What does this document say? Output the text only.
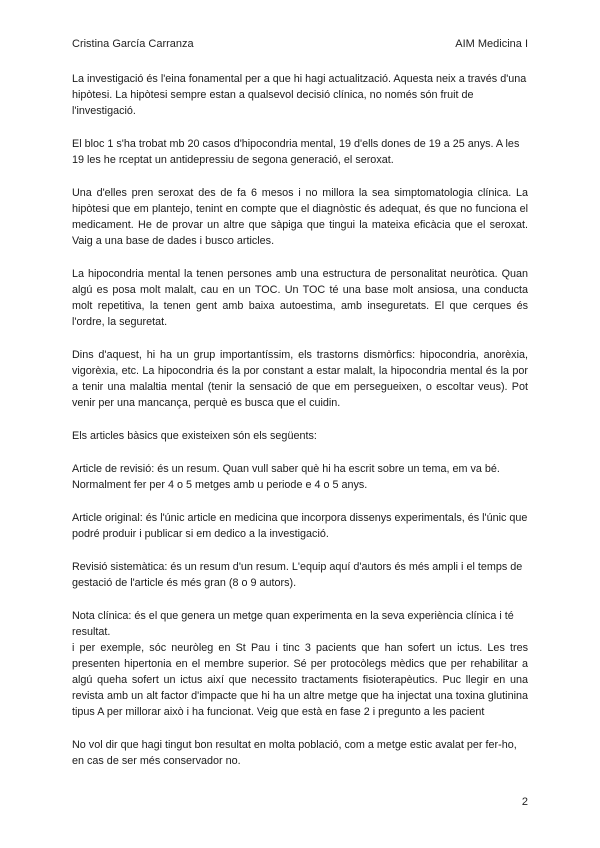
Cristina García Carranza	AIM Medicina I

La investigació és l'eina fonamental per a que hi hagi actualització. Aquesta neix a través d'una hipòtesi. La hipòtesi sempre estan a qualsevol decisió clínica, no només són fruit de l'investigació.

El bloc 1 s'ha trobat mb 20 casos d'hipocondria mental, 19 d'ells dones de 19 a 25 anys. A les 19 les he rceptat un antidepressiu de segona generació, el seroxat.

Una d'elles pren seroxat des de fa 6 mesos i no millora la sea simptomatologia clínica. La hipòtesi que em plantejo, tenint en compte que el diagnòstic és adequat, és que no funciona el medicament. He de provar un altre que sàpiga que tingui la mateixa eficàcia que el seroxat. Vaig a una base de dades i busco articles.

La hipocondria mental la tenen persones amb una estructura de personalitat neuròtica. Quan algú es posa molt malalt, cau en un TOC. Un TOC té una base molt ansiosa, una conducta molt repetitiva, la tenen gent amb baixa autoestima, amb inseguretats. El que cerques és l'ordre, la seguretat.

Dins d'aquest, hi ha un grup importantíssim, els trastorns dismòrfics: hipocondria, anorèxia, vigorèxia, etc. La hipocondria és la por constant a estar malalt, la hipocondria mental és la por a tenir una malaltia mental (tenir la sensació de que em persegueixen, o escoltar veus). Pot venir per una mancança, perquè es busca que el cuidin.

Els articles bàsics que existeixen són els següents:

Article de revisió: és un resum. Quan vull saber què hi ha escrit sobre un tema, em va bé. Normalment fer per 4 o 5 metges amb u periode e 4 o 5 anys.

Article original: és l'únic article en medicina que incorpora dissenys experimentals, és l'únic que podré produir i publicar si em dedico a la investigació.

Revisió sistemàtica: és un resum d'un resum. L'equip aquí d'autors és més ampli i el temps de gestació de l'article és més gran (8 o 9 autors).

Nota clínica: és el que genera un metge quan experimenta en la seva experiència clínica i té resultat.

i per exemple, sóc neuròleg en St Pau i tinc 3 pacients que han sofert un ictus. Les tres presenten hipertonia en el membre superior. Sé per protocòlegs mèdics que per rehabilitar a algú queha sofert un ictus així que necessito tractaments fisioterapèutics. Puc llegir en una revista amb un alt factor d'impacte que hi ha un altre metge que ha injectat una toxina glutinina tipus A per millorar això i ha funcionat. Veig que està en fase 2 i pregunto a les pacient

No vol dir que hagi tingut bon resultat en molta població, com a metge estic avalat per fer-ho, en cas de ser més conservador no.

2
